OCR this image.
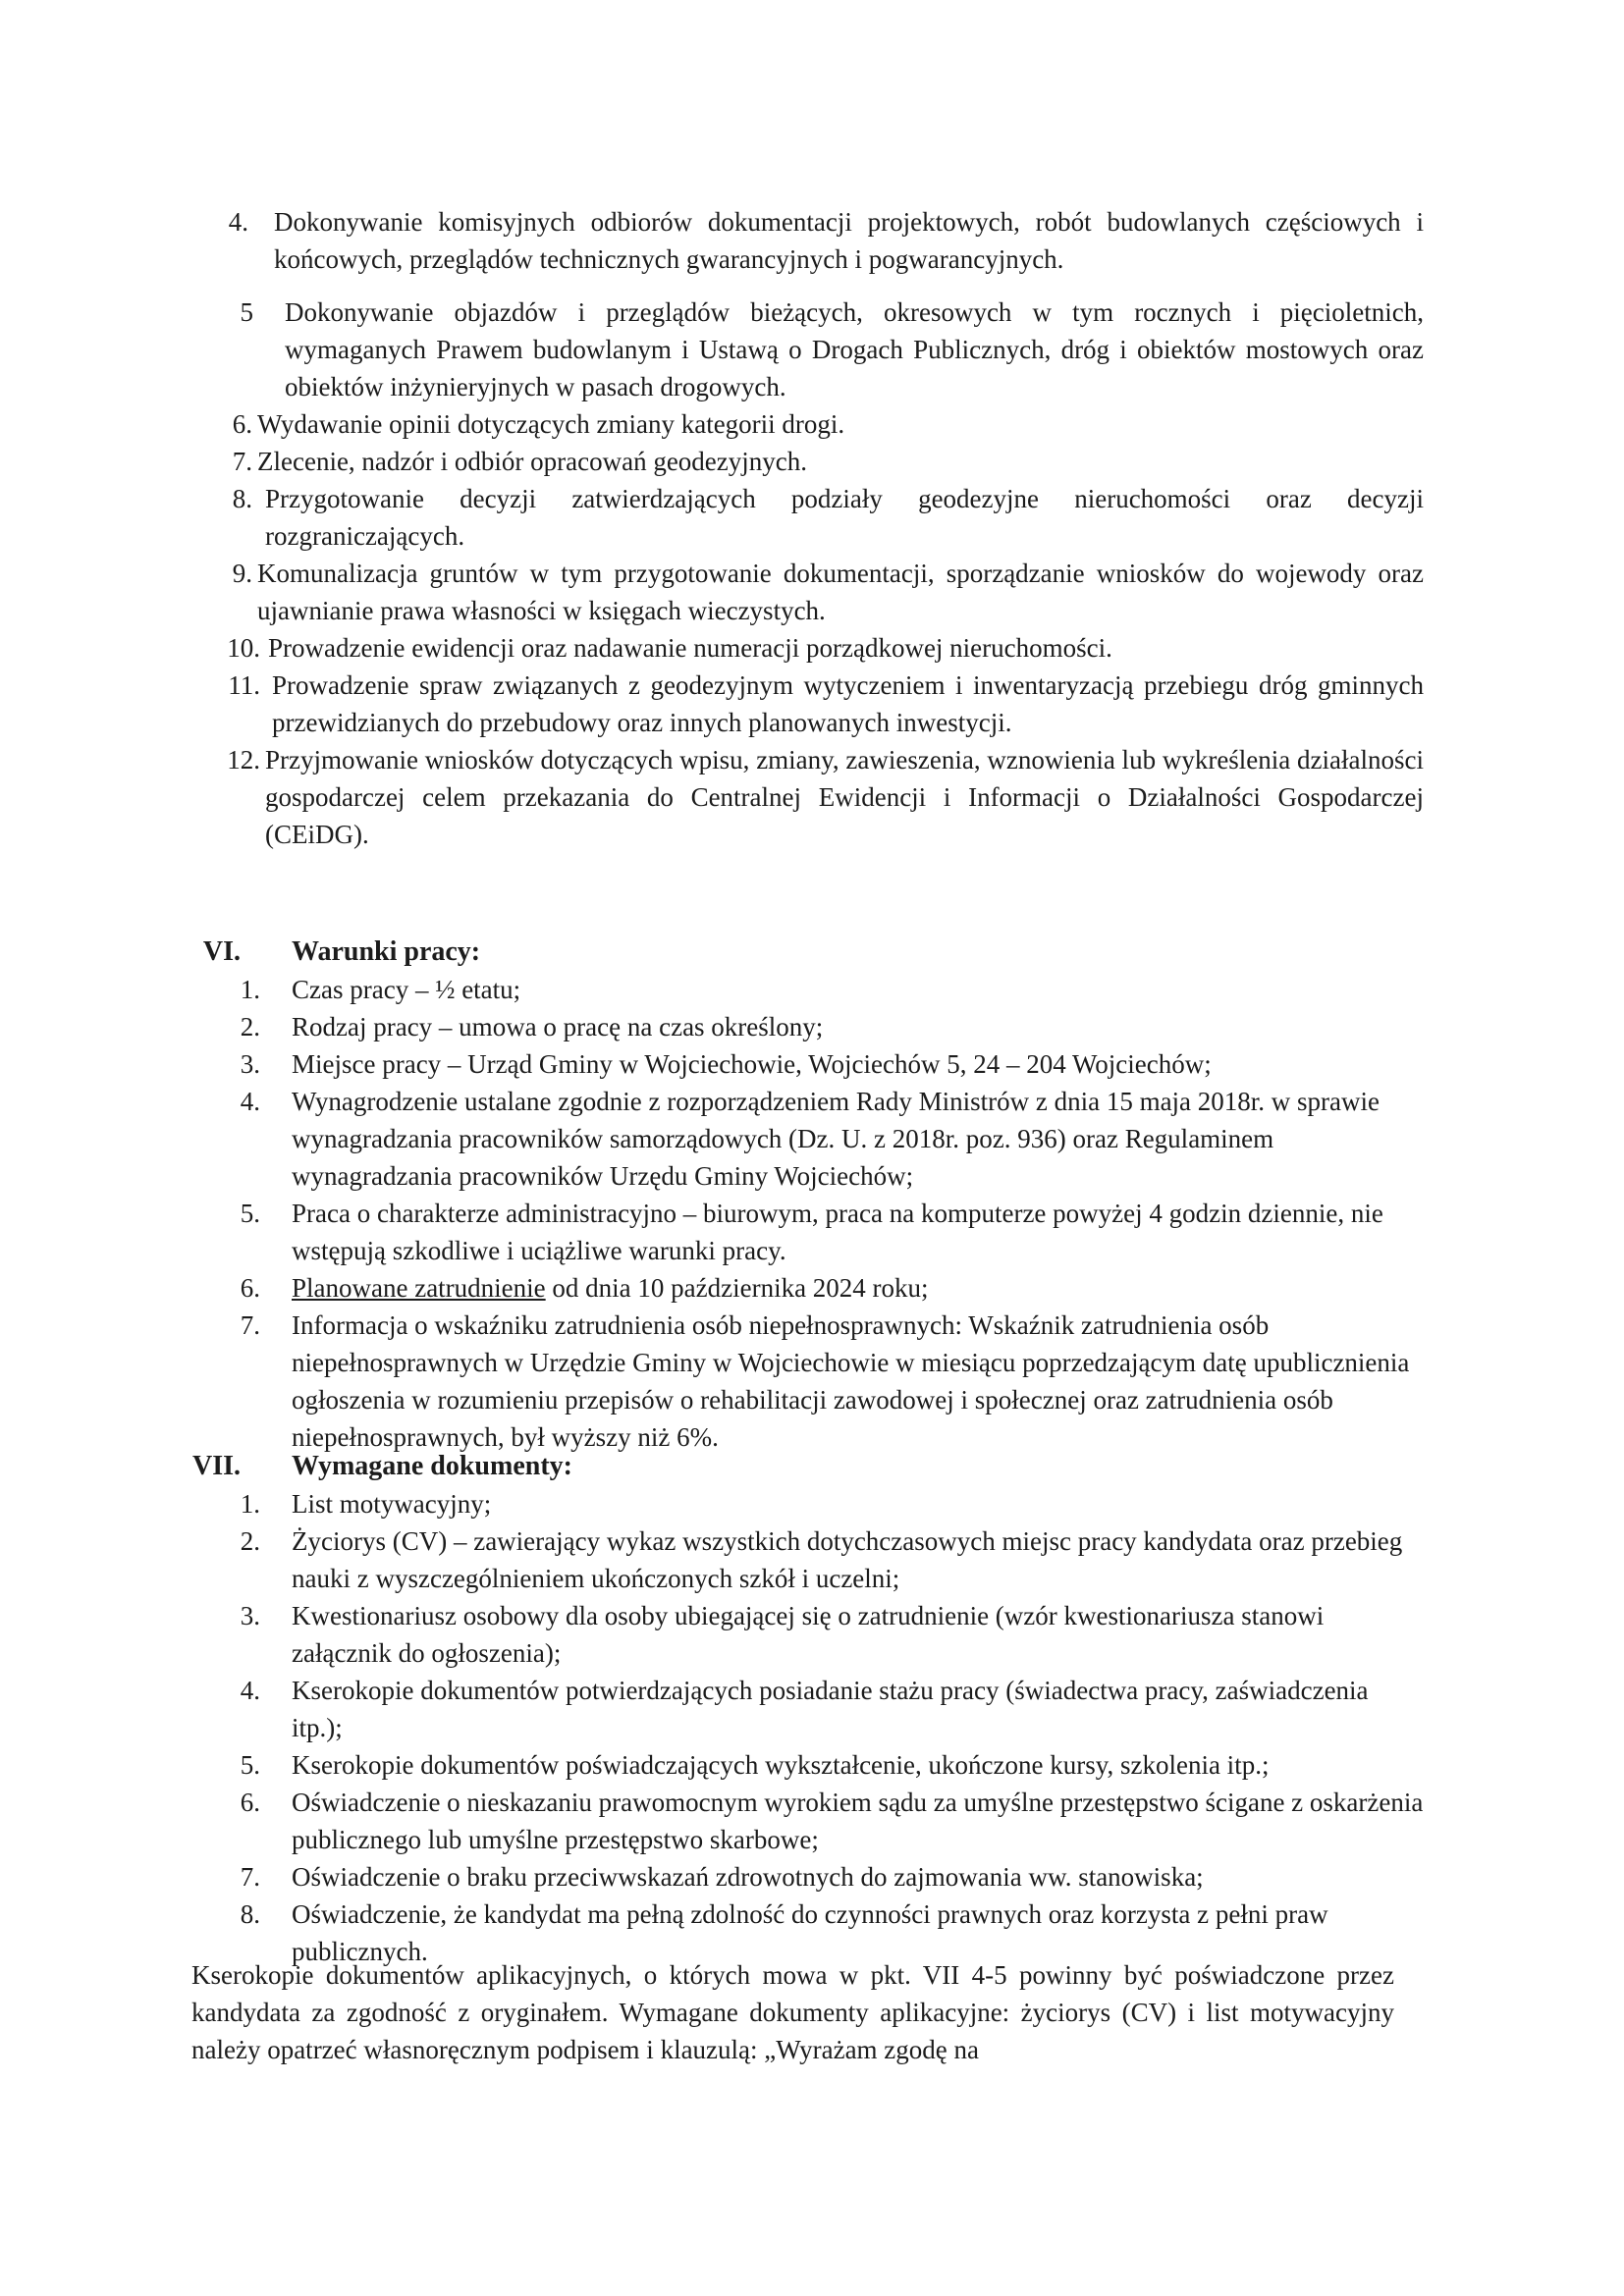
4. Dokonywanie komisyjnych odbiorów dokumentacji projektowych, robót budowlanych częściowych i końcowych, przeglądów technicznych gwarancyjnych i pogwarancyjnych.
5 Dokonywanie objazdów i przeglądów bieżących, okresowych w tym rocznych i pięcioletnich, wymaganych Prawem budowlanym i Ustawą o Drogach Publicznych, dróg i obiektów mostowych oraz obiektów inżynieryjnych w pasach drogowych.
6. Wydawanie opinii dotyczących zmiany kategorii drogi.
7. Zlecenie, nadzór i odbiór opracowań geodezyjnych.
8. Przygotowanie decyzji zatwierdzających podziały geodezyjne nieruchomości oraz decyzji rozgraniczających.
9. Komunalizacja gruntów w tym przygotowanie dokumentacji, sporządzanie wniosków do wojewody oraz ujawnianie prawa własności w księgach wieczystych.
10. Prowadzenie ewidencji oraz nadawanie numeracji porządkowej nieruchomości.
11. Prowadzenie spraw związanych z geodezyjnym wytyczeniem i inwentaryzacją przebiegu dróg gminnych przewidzianych do przebudowy oraz innych planowanych inwestycji.
12. Przyjmowanie wniosków dotyczących wpisu, zmiany, zawieszenia, wznowienia lub wykreślenia działalności gospodarczej celem przekazania do Centralnej Ewidencji i Informacji o Działalności Gospodarczej (CEiDG).
VI. Warunki pracy:
1. Czas pracy – ½ etatu;
2. Rodzaj pracy – umowa o pracę na czas określony;
3. Miejsce pracy – Urząd Gminy w Wojciechowie, Wojciechów 5, 24 – 204 Wojciechów;
4. Wynagrodzenie ustalane zgodnie z rozporządzeniem Rady Ministrów z dnia 15 maja 2018r. w sprawie wynagradzania pracowników samorządowych (Dz. U. z 2018r. poz. 936) oraz Regulaminem wynagradzania pracowników Urzędu Gminy Wojciechów;
5. Praca o charakterze administracyjno – biurowym, praca na komputerze powyżej 4 godzin dziennie, nie wstępują szkodliwe i uciążliwe warunki pracy.
6. Planowane zatrudnienie od dnia 10 października 2024 roku;
7. Informacja o wskaźniku zatrudnienia osób niepełnosprawnych: Wskaźnik zatrudnienia osób niepełnosprawnych w Urzędzie Gminy w Wojciechowie w miesiącu poprzedzającym datę upublicznienia ogłoszenia w rozumieniu przepisów o rehabilitacji zawodowej i społecznej oraz zatrudnienia osób niepełnosprawnych, był wyższy niż 6%.
VII. Wymagane dokumenty:
1. List motywacyjny;
2. Życiorys (CV) – zawierający wykaz wszystkich dotychczasowych miejsc pracy kandydata oraz przebieg nauki z wyszczególnieniem ukończonych szkół i uczelni;
3. Kwestionariusz osobowy dla osoby ubiegającej się o zatrudnienie (wzór kwestionariusza stanowi załącznik do ogłoszenia);
4. Kserokopie dokumentów potwierdzających posiadanie stażu pracy (świadectwa pracy, zaświadczenia itp.);
5. Kserokopie dokumentów poświadczających wykształcenie, ukończone kursy, szkolenia itp.;
6. Oświadczenie o nieskazaniu prawomocnym wyrokiem sądu za umyślne przestępstwo ścigane z oskarżenia publicznego lub umyślne przestępstwo skarbowe;
7. Oświadczenie o braku przeciwwskazań zdrowotnych do zajmowania ww. stanowiska;
8. Oświadczenie, że kandydat ma pełną zdolność do czynności prawnych oraz korzysta z pełni praw publicznych.
Kserokopie dokumentów aplikacyjnych, o których mowa w pkt. VII 4-5 powinny być poświadczone przez kandydata za zgodność z oryginałem. Wymagane dokumenty aplikacyjne: życiorys (CV) i list motywacyjny należy opatrzeć własnoręcznym podpisem i klauzulą: „Wyrażam zgodę na
